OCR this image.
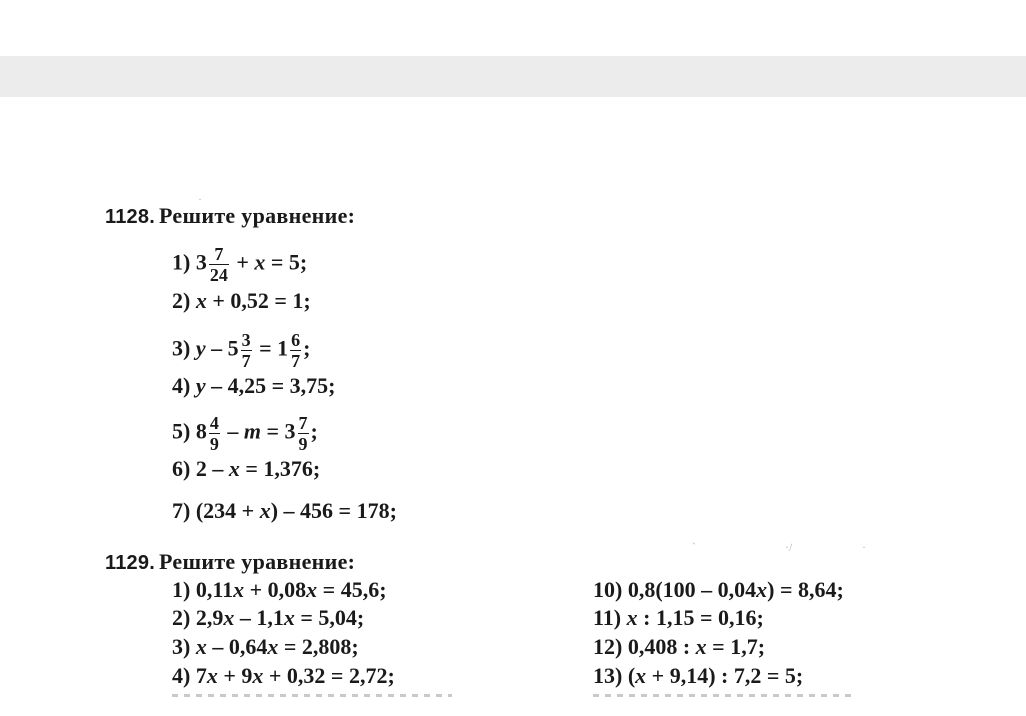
1128. Решите уравнение:
1) $3 \frac{7}{24} + x = 5$;
2) x + 0,52 = 1;
3) $y - 5 \frac{3}{7} = 1 \frac{6}{7}$ ;
4) y – 4,25 = 3,75;
5) $8 \frac{4}{9} - m = 3 \frac{7}{9}$ ;
6) 2 – x = 1,376;
7) (234 + x) – 456 = 178;
1129. Решите уравнение:
1) 0,11x + 0,08x = 45,6;
2) 2,9x – 1,1x = 5,04;
3) x – 0,64x = 2,808;
4) 7x + 9x + 0,32 = 2,72;
10) 0,8(100 – 0,04x) = 8,64;
11) x : 1,15 = 0,16;
12) 0,408 : x = 1,7;
13) (x + 9,14) : 7,2 = 5;
·
`	·/	·
